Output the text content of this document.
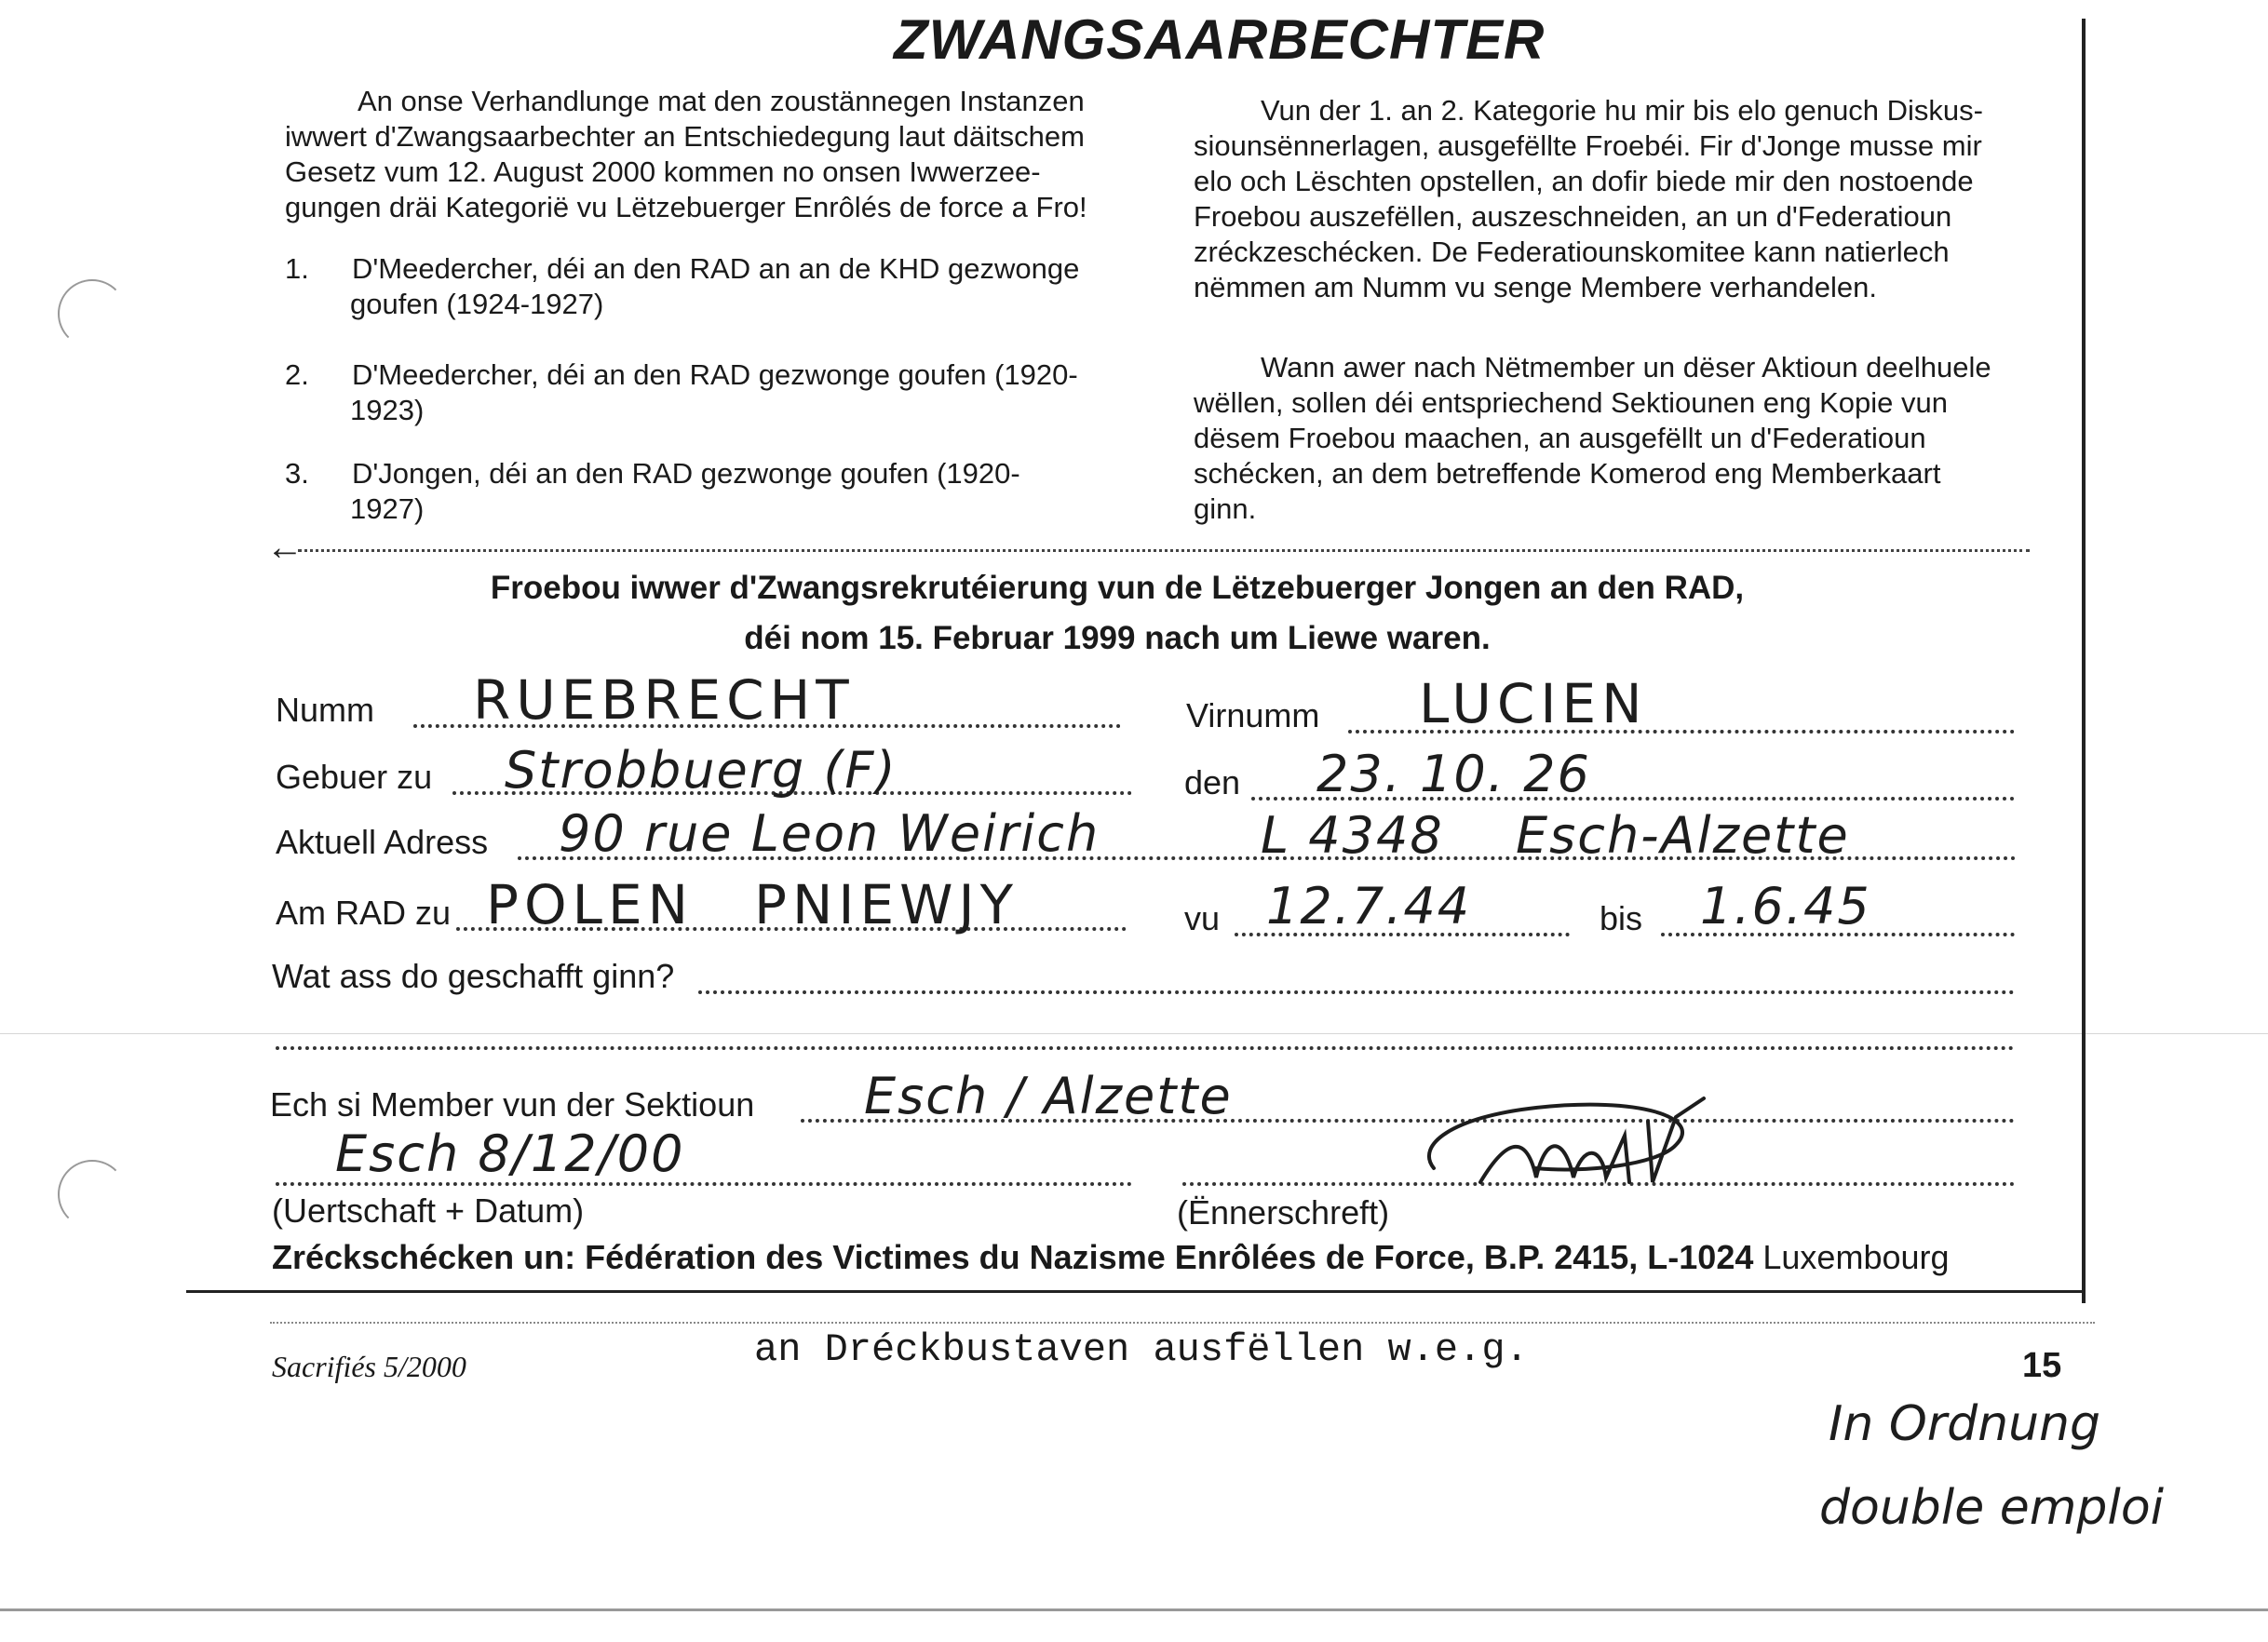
ZWANGSAARBECHTER

An onse Verhandlunge mat den zoustännegen Instanzen

iwwert d'Zwangsaarbechter an Entschiedegung laut däitschem

Gesetz vum 12. August 2000 kommen no onsen Iwwerzee-

gungen dräi Kategorië vu Lëtzebuerger Enrôlés de force a Fro!

1. D'Meedercher, déi an den RAD an an de KHD gezwonge

goufen (1924-1927)

2. D'Meedercher, déi an den RAD gezwonge goufen (1920-

1923)

3. D'Jongen, déi an den RAD gezwonge goufen (1920-

1927)

Vun der 1. an 2. Kategorie hu mir bis elo genuch Diskus-

siounsënnerlagen, ausgefëllte Froebéi. Fir d'Jonge musse mir

elo och Lëschten opstellen, an dofir biede mir den nostoende

Froebou auszefëllen, auszeschneiden, an un d'Federatioun

zréckzeschécken. De Federatiounskomitee kann natierlech

nëmmen am Numm vu senge Membere verhandelen.

Wann awer nach Nëtmember un dëser Aktioun deelhuele

wëllen, sollen déi entspriechend Sektiounen eng Kopie vun

dësem Froebou maachen, an ausgefëllt un d'Federatioun

schécken, an dem betreffende Komerod eng Memberkaart

ginn.

←
Froebou iwwer d'Zwangsrekrutéierung vun de Lëtzebuerger Jongen an den RAD,
déi nom 15. Februar 1999 nach um Liewe waren.
Numm RUEBRECHT	Virnumm LUCIEN
Gebuer zu Strobbuerg (F)	den 23. 10. 26
Aktuell Adress 90 rue Leon Weirich	L 4348 Esch-Alzette
Am RAD zu POLEN PNIEWJY	vu 12.7.44	bis 1.6.45
Wat ass do geschafft ginn?
Ech si Member vun der Sektioun Esch / Alzette
Esch 8/12/00
(Uertschaft + Datum)	(Ënnerschreft)
Zréckschécken un: Fédération des Victimes du Nazisme Enrôlées de Force, B.P. 2415, L-1024 Luxembourg
Sacrifiés 5/2000	an Dréckbustaven ausfëllen w.e.g.	15
In Ordnung
double emploi
